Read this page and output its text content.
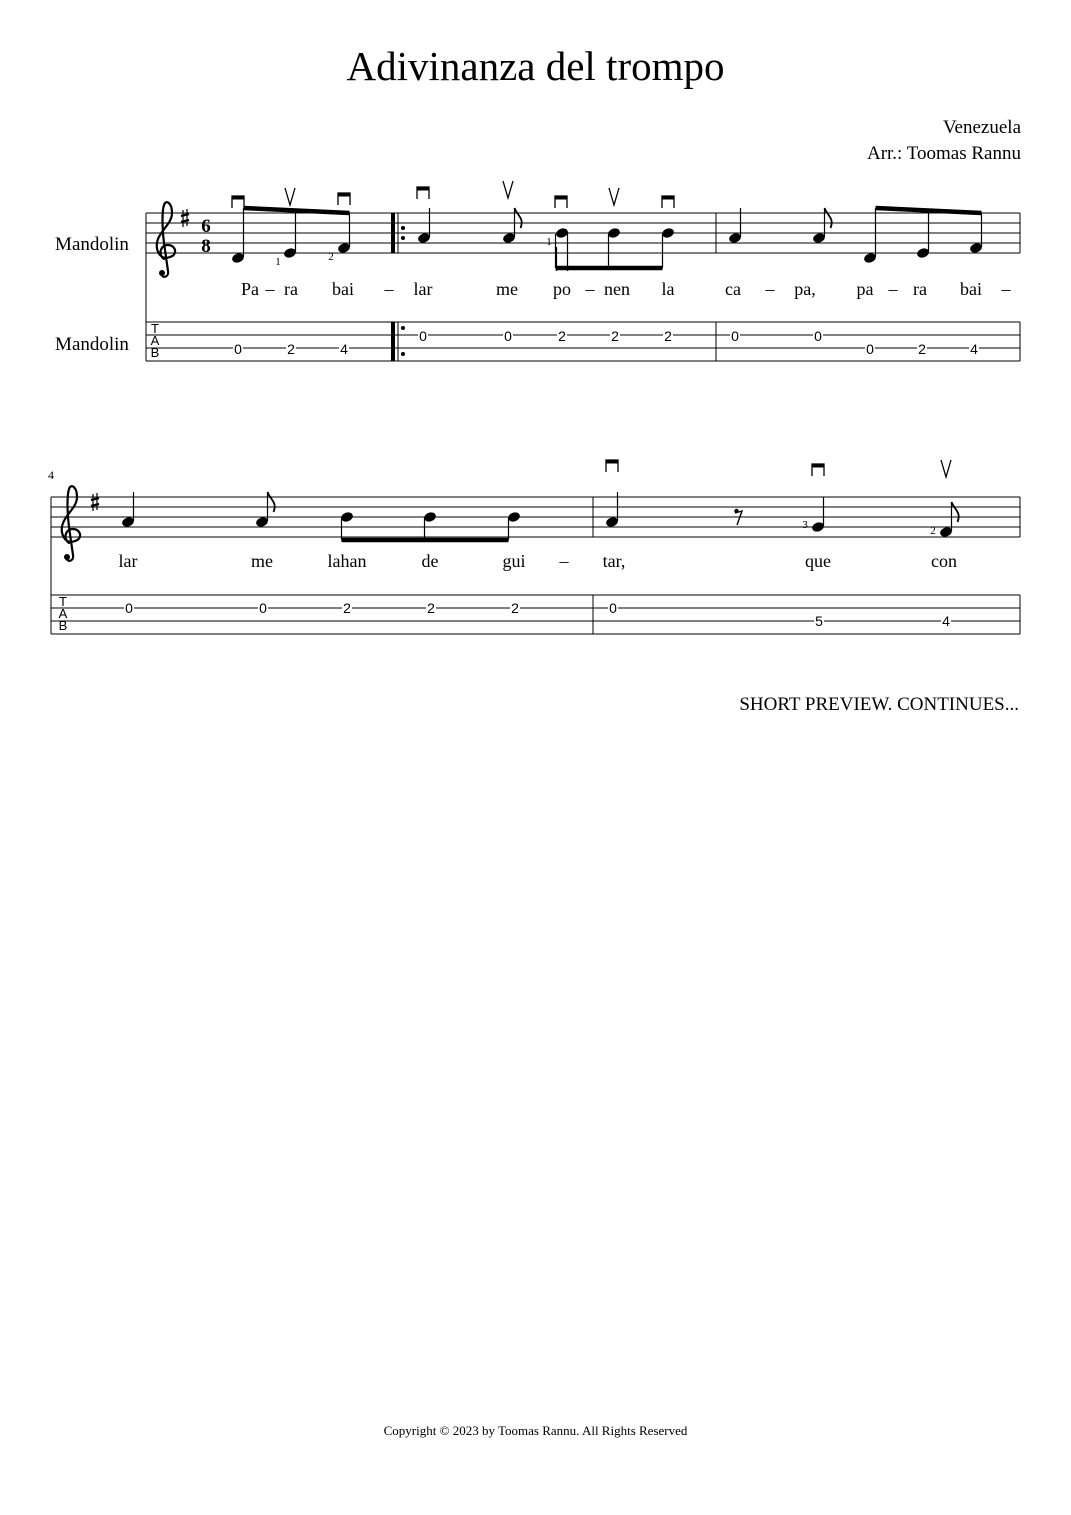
Adivinanza del trompo
Venezuela
Arr.: Toomas Rannu
Mandolin
Mandolin
6
8
T
A
B
1	2
1
Pa – ra bai – lar	me po – nen la	ca – pa, pa – ra bai –
0	2	4
0	0	2	2	2	0	0
0	2	4
4
T
A
B
3	2
lar	me	lahan	de	gui – tar,	que	con
0	0	2	2	2	0
5	4
SHORT PREVIEW. CONTINUES...
Copyright © 2023 by Toomas Rannu. All Rights Reserved
